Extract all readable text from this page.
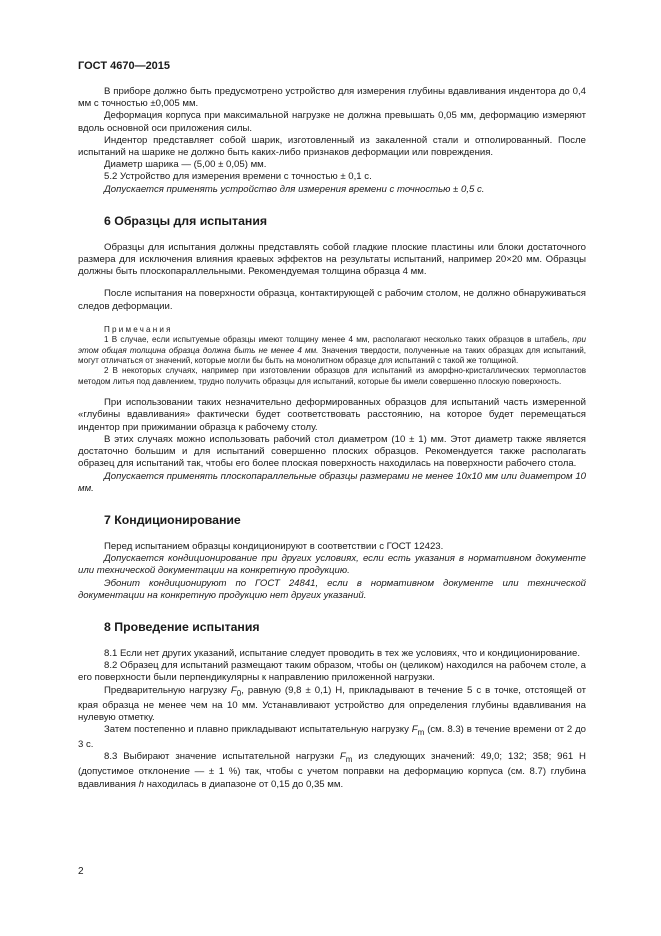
ГОСТ 4670—2015

В приборе должно быть предусмотрено устройство для измерения глубины вдавливания индентора до 0,4 мм с точностью ±0,005 мм.

Деформация корпуса при максимальной нагрузке не должна превышать 0,05 мм, деформацию измеряют вдоль основной оси приложения силы.

Индентор представляет собой шарик, изготовленный из закаленной стали и отполированный. После испытаний на шарике не должно быть каких-либо признаков деформации или повреждения.

Диаметр шарика — (5,00 ± 0,05) мм.

5.2 Устройство для измерения времени с точностью ± 0,1 с.

Допускается применять устройство для измерения времени с точностью ± 0,5 с.

6 Образцы для испытания

Образцы для испытания должны представлять собой гладкие плоские пластины или блоки достаточного размера для исключения влияния краевых эффектов на результаты испытаний, например 20×20 мм. Образцы должны быть плоскопараллельными. Рекомендуемая толщина образца 4 мм.

После испытания на поверхности образца, контактирующей с рабочим столом, не должно обнаруживаться следов деформации.

Примечания

1 В случае, если испытуемые образцы имеют толщину менее 4 мм, располагают несколько таких образцов в штабель, при этом общая толщина образца должна быть не менее 4 мм. Значения твердости, полученные на таких образцах для испытаний, могут отличаться от значений, которые могли бы быть на монолитном образце для испытаний с такой же толщиной.

2 В некоторых случаях, например при изготовлении образцов для испытаний из аморфно-кристаллических термопластов методом литья под давлением, трудно получить образцы для испытаний, которые бы имели совершенно плоскую поверхность.

При использовании таких незначительно деформированных образцов для испытаний часть измеренной «глубины вдавливания» фактически будет соответствовать расстоянию, на которое будет перемещаться индентор при прижимании образца к рабочему столу.

В этих случаях можно использовать рабочий стол диаметром (10 ± 1) мм. Этот диаметр также является достаточно большим и для испытаний совершенно плоских образцов. Рекомендуется также располагать образец для испытаний так, чтобы его более плоская поверхность находилась на поверхности рабочего стола.

Допускается применять плоскопараллельные образцы размерами не менее 10x10 мм или диаметром 10 мм.

7 Кондиционирование

Перед испытанием образцы кондиционируют в соответствии с ГОСТ 12423.

Допускается кондиционирование при других условиях, если есть указания в нормативном документе или технической документации на конкретную продукцию.

Эбонит кондиционируют по ГОСТ 24841, если в нормативном документе или технической документации на конкретную продукцию нет других указаний.

8 Проведение испытания

8.1 Если нет других указаний, испытание следует проводить в тех же условиях, что и кондиционирование.

8.2 Образец для испытаний размещают таким образом, чтобы он (целиком) находился на рабочем столе, а его поверхности были перпендикулярны к направлению приложенной нагрузки.

Предварительную нагрузку $F_0$, равную (9,8 ± 0,1) Н, прикладывают в течение 5 с в точке, отстоящей от края образца не менее чем на 10 мм. Устанавливают устройство для определения глубины вдавливания на нулевую отметку.

Затем постепенно и плавно прикладывают испытательную нагрузку $F_m$ (см. 8.3) в течение времени от 2 до 3 с.

8.3 Выбирают значение испытательной нагрузки $F_m$ из следующих значений: 49,0; 132; 358; 961 Н (допустимое отклонение — ± 1 %) так, чтобы с учетом поправки на деформацию корпуса (см. 8.7) глубина вдавливания h находилась в диапазоне от 0,15 до 0,35 мм.

2
